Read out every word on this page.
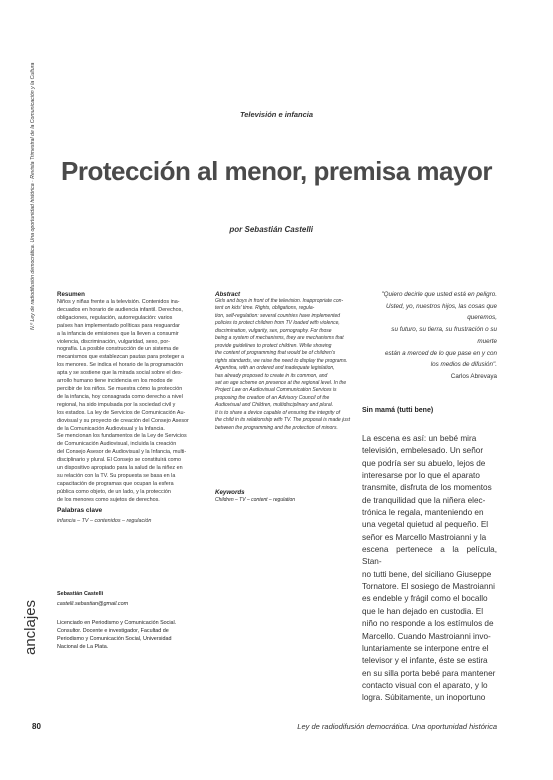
N.º Ley de radiodifusión democrática. Una oportunidad histórica · Revista Trimestral de la Comunicación y la Cultura
anclajes
Televisión e infancia
Protección al menor, premisa mayor
por Sebastián Castelli
Resumen
Niños y niñas frente a la televisión. Contenidos ina-
decuados en horario de audiencia infantil. Derechos,
obligaciones, regulación, autorregulación: varios
países han implementado políticas para resguardar
a la infancia de emisiones que la lleven a consumir
violencia, discriminación, vulgaridad, sexo, por-
nografía. La posible construcción de un sistema de
mecanismos que establezcan pautas para proteger a
los menores. Se indica el horario de la programación
apta y se sostiene que la mirada social sobre el des-
arrollo humano tiene incidencia en los modos de
percibir de los niños. Se muestra cómo la protección
de la infancia, hoy consagrada como derecho a nivel
regional, ha sido impulsada por la sociedad civil y
los estados. La ley de Servicios de Comunicación Au-
diovisual y su proyecto de creación del Consejo Asesor
de la Comunicación Audiovisual y la Infancia.
Se mencionan los fundamentos de la Ley de Servicios
de Comunicación Audiovisual, incluida la creación
del Consejo Asesor de Audiovisual y la Infancia, multi-
disciplinario y plural. El Consejo se constituirá como
un dispositivo apropiado para la salud de la niñez en
su relación con la TV. Su propuesta se basa en la
capacitación de programas que ocupan la esfera
pública como objeto, de un lado, y la protección
de los menores como sujetos de derechos.
Palabras clave
infancia – TV – contenidos – regulación
Abstract
Girls and boys in front of the television. Inappropriate con-
tent on kids' time. Rights, obligations, regula-
tion, self-regulation: several countries have implemented
policies to protect children from TV loaded with violence,
discrimination, vulgarity, sex, pornography. For those
being a system of mechanisms, they are mechanisms that
provide guidelines to protect children. While showing
the content of programming that would be of children's
rights standards, we raise the need to display the programs.
Argentina, with an ordered and inadequate legislation,
has already proposed to create in its common, and
set an age scheme on presence at the regional level. In the
Project Law on Audiovisual Communication Services is
proposing the creation of an Advisory Council of the
Audiovisual and Children, multidisciplinary and plural.
It is to share a device capable of ensuring the integrity of
the child in its relationship with TV. The proposal is made just
between the programming and the protection of minors.
Keywords
Children – TV – content – regulation
Sebastián Castelli
castelli.sebastian@gmail.com
Licenciado en Periodismo y Comunicación Social.
Consultor. Docente e investigador, Facultad de
Periodismo y Comunicación Social, Universidad
Nacional de La Plata.
"Quiero decirle que usted está en peligro.
Usted, yo, nuestros hijos, las cosas que
queremos,
su futuro, su tierra, su frustración o su
muerte
están a merced de lo que pase en y con
los medios de difusión".
Carlos Abrevaya
Sin mamá (tutti bene)
La escena es así: un bebé mira
televisión, embelesado. Un señor
que podría ser su abuelo, lejos de
interesarse por lo que el aparato
transmite, disfruta de los momentos
de tranquilidad que la niñera elec-
trónica le regala, manteniendo en
una vegetal quietud al pequeño. El
señor es Marcello Mastroianni y la
escena pertenece a la película, Stan-
no tutti bene, del siciliano Giuseppe
Tornatore. El sosiego de Mastroianni
es endeble y frágil como el bocallo
que le han dejado en custodia. El
niño no responde a los estímulos de
Marcello. Cuando Mastroianni invo-
luntariamente se interpone entre el
televisor y el infante, éste se estira
en su silla porta bebé para mantener
contacto visual con el aparato, y lo
logra. Súbitamente, un inoportuno
80	Ley de radiodifusión democrática. Una oportunidad histórica
